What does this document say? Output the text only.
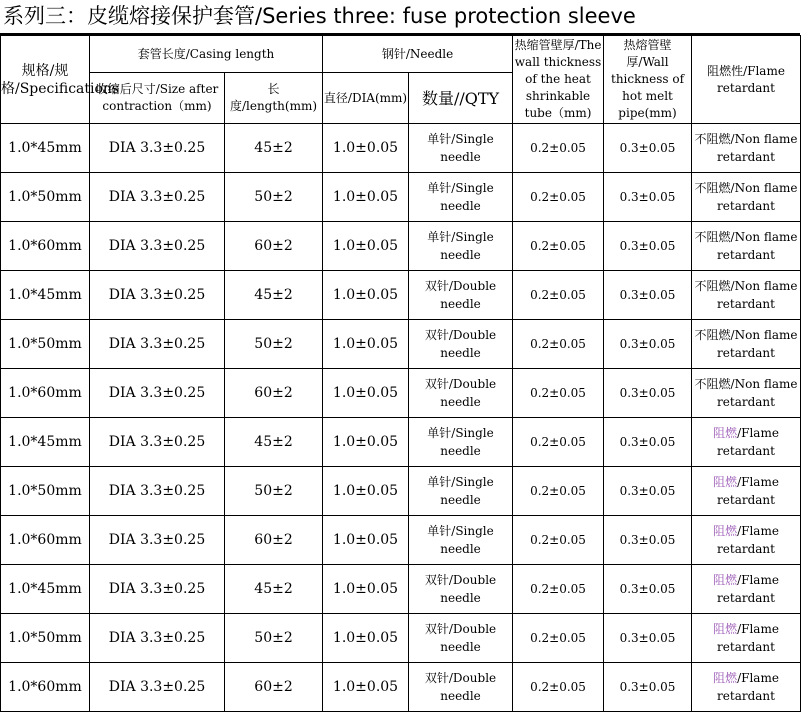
系列三：皮缆熔接保护套管/Series three: fuse protection sleeve
规格/规格/Specifications	套管长度/Casing length		钢针/Needle		热缩管壁厚/The wall thickness of the heat shrinkable tube（mm)	热熔管壁厚/Wall thickness of hot melt pipe(mm)	阻燃性/Flame retardant
	收缩后尺寸/Size after contraction（mm)	长度/length(mm)	直径/DIA(mm)	数量//QTY			
1.0*45mm	DIA 3.3±0.25	45±2	1.0±0.05	单针/Single needle	0.2±0.05	0.3±0.05	不阻燃/Non flame retardant
1.0*50mm	DIA 3.3±0.25	50±2	1.0±0.05	单针/Single needle	0.2±0.05	0.3±0.05	不阻燃/Non flame retardant
1.0*60mm	DIA 3.3±0.25	60±2	1.0±0.05	单针/Single needle	0.2±0.05	0.3±0.05	不阻燃/Non flame retardant
1.0*45mm	DIA 3.3±0.25	45±2	1.0±0.05	双针/Double needle	0.2±0.05	0.3±0.05	不阻燃/Non flame retardant
1.0*50mm	DIA 3.3±0.25	50±2	1.0±0.05	双针/Double needle	0.2±0.05	0.3±0.05	不阻燃/Non flame retardant
1.0*60mm	DIA 3.3±0.25	60±2	1.0±0.05	双针/Double needle	0.2±0.05	0.3±0.05	不阻燃/Non flame retardant
1.0*45mm	DIA 3.3±0.25	45±2	1.0±0.05	单针/Single needle	0.2±0.05	0.3±0.05	阻燃/Flame retardant
1.0*50mm	DIA 3.3±0.25	50±2	1.0±0.05	单针/Single needle	0.2±0.05	0.3±0.05	阻燃/Flame retardant
1.0*60mm	DIA 3.3±0.25	60±2	1.0±0.05	单针/Single needle	0.2±0.05	0.3±0.05	阻燃/Flame retardant
1.0*45mm	DIA 3.3±0.25	45±2	1.0±0.05	双针/Double needle	0.2±0.05	0.3±0.05	阻燃/Flame retardant
1.0*50mm	DIA 3.3±0.25	50±2	1.0±0.05	双针/Double needle	0.2±0.05	0.3±0.05	阻燃/Flame retardant
1.0*60mm	DIA 3.3±0.25	60±2	1.0±0.05	双针/Double needle	0.2±0.05	0.3±0.05	阻燃/Flame retardant
